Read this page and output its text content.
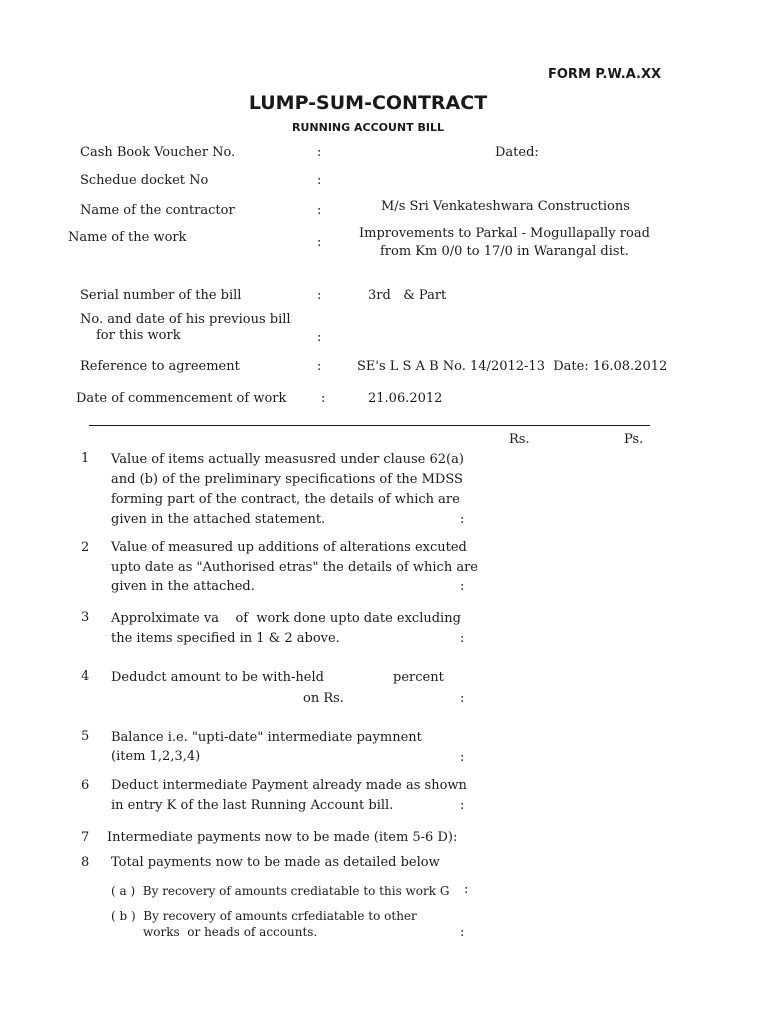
FORM P.W.A.XX
LUMP-SUM-CONTRACT
RUNNING ACCOUNT BILL
Cash Book Voucher No.	:	Dated:
Schedue docket No	:
Name of the contractor	:	M/s Sri Venkateshwara Constructions
Name of the work	:
Improvements to Parkal - Mogullapally road
from Km 0/0 to 17/0 in Warangal dist.
Serial number of the bill	:	3rd   & Part
No. and date of his previous bill
for this work	:
Reference to agreement	:	SE's L S A B No. 14/2012-13  Date: 16.08.2012
Date of commencement of work	:	21.06.2012
Rs.	Ps.
1 Value of items actually measusred under clause 62(a)
and (b) of the preliminary specifications of the MDSS
forming part of the contract, the details of which are
given in the attached statement.	:
2 Value of measured up additions of alterations excuted
upto date as "Authorised etras" the details of which are
given in the attached.	:
3 Approlximate va    of  work done upto date excluding
the items specified in 1 & 2 above.	:
4 Dedudct amount to be with-held	percent
on Rs.	:
5 Balance i.e. "upti-date" intermediate paymnent
(item 1,2,3,4)	:
6 Deduct intermediate Payment already made as shown
in entry K of the last Running Account bill.	:
7 Intermediate payments now to be made (item 5-6 D):
8 Total payments now to be made as detailed below
( a )  By recovery of amounts crediatable to this work G :
( b )  By recovery of amounts crfediatable to other
works  or heads of accounts.	:
